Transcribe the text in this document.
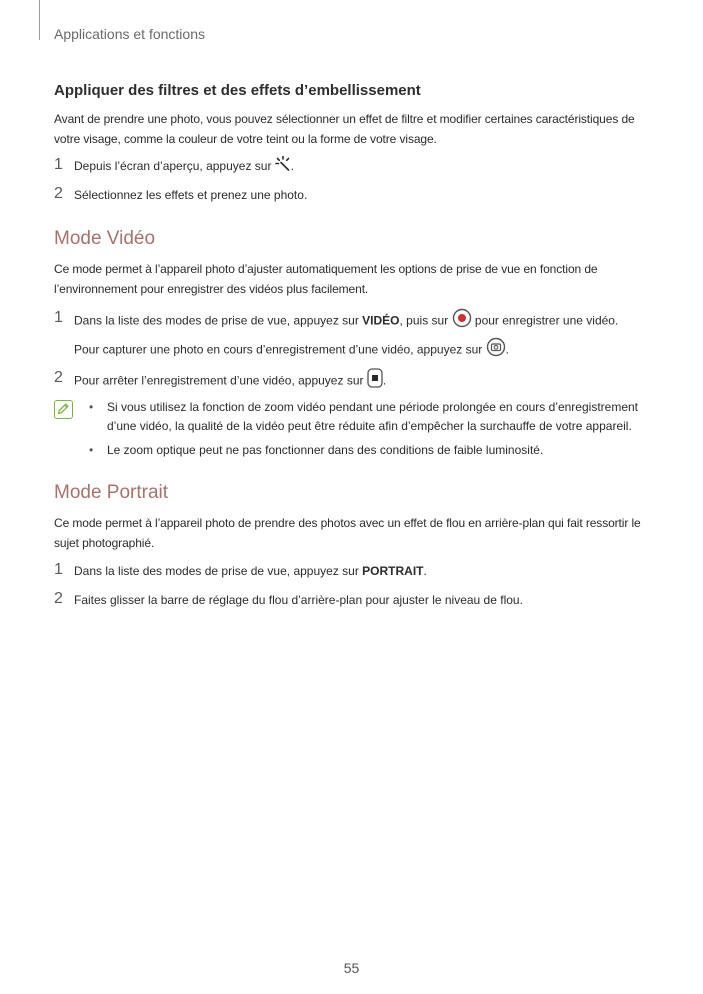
Applications et fonctions
Appliquer des filtres et des effets d’embellissement

Avant de prendre une photo, vous pouvez sélectionner un effet de filtre et modifier certaines caractéristiques de votre visage, comme la couleur de votre teint ou la forme de votre visage.

1 Depuis l’écran d’aperçu, appuyez sur .
2 Sélectionnez les effets et prenez une photo.
Mode Vidéo

Ce mode permet à l’appareil photo d’ajuster automatiquement les options de prise de vue en fonction de l’environnement pour enregistrer des vidéos plus facilement.

1 Dans la liste des modes de prise de vue, appuyez sur VIDÉO, puis sur pour enregistrer une vidéo.
Pour capturer une photo en cours d’enregistrement d’une vidéo, appuyez sur .
2 Pour arrêter l’enregistrement d’une vidéo, appuyez sur .
• Si vous utilisez la fonction de zoom vidéo pendant une période prolongée en cours d’enregistrement d’une vidéo, la qualité de la vidéo peut être réduite afin d’empêcher la surchauffe de votre appareil.
• Le zoom optique peut ne pas fonctionner dans des conditions de faible luminosité.
Mode Portrait

Ce mode permet à l’appareil photo de prendre des photos avec un effet de flou en arrière-plan qui fait ressortir le sujet photographié.

1 Dans la liste des modes de prise de vue, appuyez sur PORTRAIT.
2 Faites glisser la barre de réglage du flou d’arrière-plan pour ajuster le niveau de flou.
55
